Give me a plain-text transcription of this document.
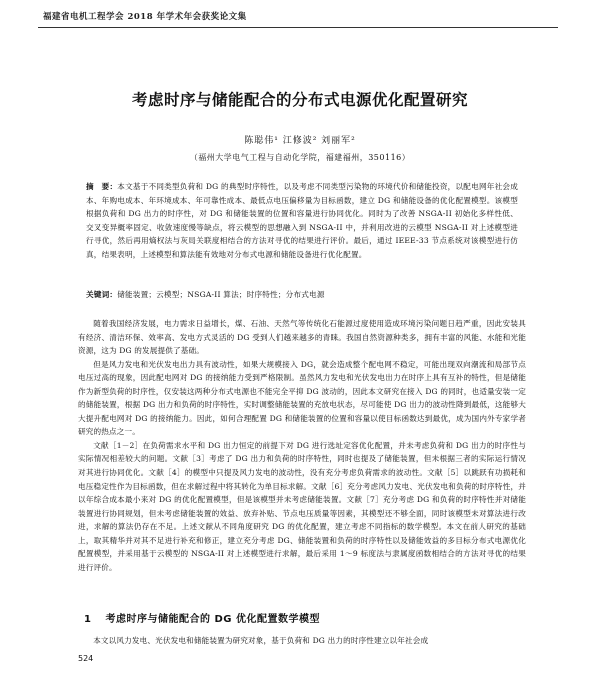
福建省电机工程学会 2018 年学术年会获奖论文集
考虑时序与储能配合的分布式电源优化配置研究
陈聪伟¹ 江修波² 刘丽军²
（福州大学电气工程与自动化学院，福建福州，350116）
摘　要：本文基于不同类型负荷和 DG 的典型时序特性，以及考虑不同类型污染物的环境代价和储能投资，以配电网年社会成本、年购电成本、年环境成本、年可靠性成本、最低点电压偏移量为目标函数，建立 DG 和储能设备的优化配置模型。该模型根据负荷和 DG 出力的时序性，对 DG 和储能装置的位置和容量进行协同优化。同时为了改善 NSGA-II 初始化多样性低、交叉变异概率固定、收敛速度慢等缺点，将云模型的思想融入到 NSGA-II 中，并利用改进的云模型 NSGA-II 对上述模型进行寻优，然后再用熵权法与灰局关联度相结合的方法对寻优的结果进行评价。最后，通过 IEEE-33 节点系统对该模型进行仿真，结果表明，上述模型和算法能有效地对分布式电源和储能设备进行优化配置。
关键词：储能装置；云模型；NSGA-II 算法；时序特性；分布式电源

随着我国经济发展，电力需求日益增长，煤、石油、天然气等传统化石能源过度使用造成环境污染问题日趋严重，因此安装具有经济、清洁环保、效率高、发电方式灵活的 DG 受到人们越来越多的青睐。我国自然资源种类多，拥有丰富的风能、水能和光能资源，这为 DG 的发展提供了基础。

但是风力发电和光伏发电出力具有波动性，如果大规模接入 DG，就会造成整个配电网不稳定，可能出现双向潮流和局部节点电压过高的现象，因此配电网对 DG 的接纳能力受到严格限制。虽然风力发电和光伏发电出力在时序上具有互补的特性，但是储能作为新型负荷的时序性，仅安装这两种分布式电源也不能完全平抑 DG 波动的，因此本文研究在接入 DG 的同时，也适量安装一定的储能装置，根据 DG 出力和负荷的时序特性，实时调整储能装置的充放电状态，尽可能使 DG 出力的波动性降到最低，这能够大大提升配电网对 DG 的接纳能力。因此，如何合理配置 DG 和储能装置的位置和容量以使目标函数达到最优，成为国内外专家学者研究的热点之一。

文献［1－2］在负荷需求水平和 DG 出力恒定的前提下对 DG 进行选址定容优化配置，并未考虑负荷和 DG 出力的时序性与实际情况相差较大的问题。文献［3］考虑了 DG 出力和负荷的时序特性，同时也提及了储能装置，但未根据三者的实际运行情况对其进行协同优化。文献［4］的模型中只提及风力发电的波动性，没有充分考虑负荷需求的波动性。文献［5］以跳跃有功损耗和电压稳定性作为目标函数，但在求解过程中将其转化为单目标求解。文献［6］充分考虑风力发电、光伏发电和负荷的时序特性，并以年综合成本最小来对 DG 的优化配置模型，但是该模型并未考虑储能装置。文献［7］充分考虑 DG 和负荷的时序特性并对储能装置进行协同规划，但未考虑储能装置的效益、放弃补贴、节点电压质量等因素，其模型还不够全面，同时该模型未对算法进行改进，求解的算法仍存在不足。上述文献从不同角度研究 DG 的优化配置，建立考虑不同指标的数学模型。本文在前人研究的基础上，取其精华并对其不足进行补充和修正，建立充分考虑 DG、储能装置和负荷的时序特性以及储能效益的多目标分布式电源优化配置模型，并采用基于云模型的 NSGA-II 对上述模型进行求解，最后采用 1～9 标度法与隶属度函数相结合的方法对寻优的结果进行评价。

1 考虑时序与储能配合的 DG 优化配置数学模型
本文以风力发电、光伏发电和储能装置为研究对象，基于负荷和 DG 出力的时序性建立以年社会成
524
